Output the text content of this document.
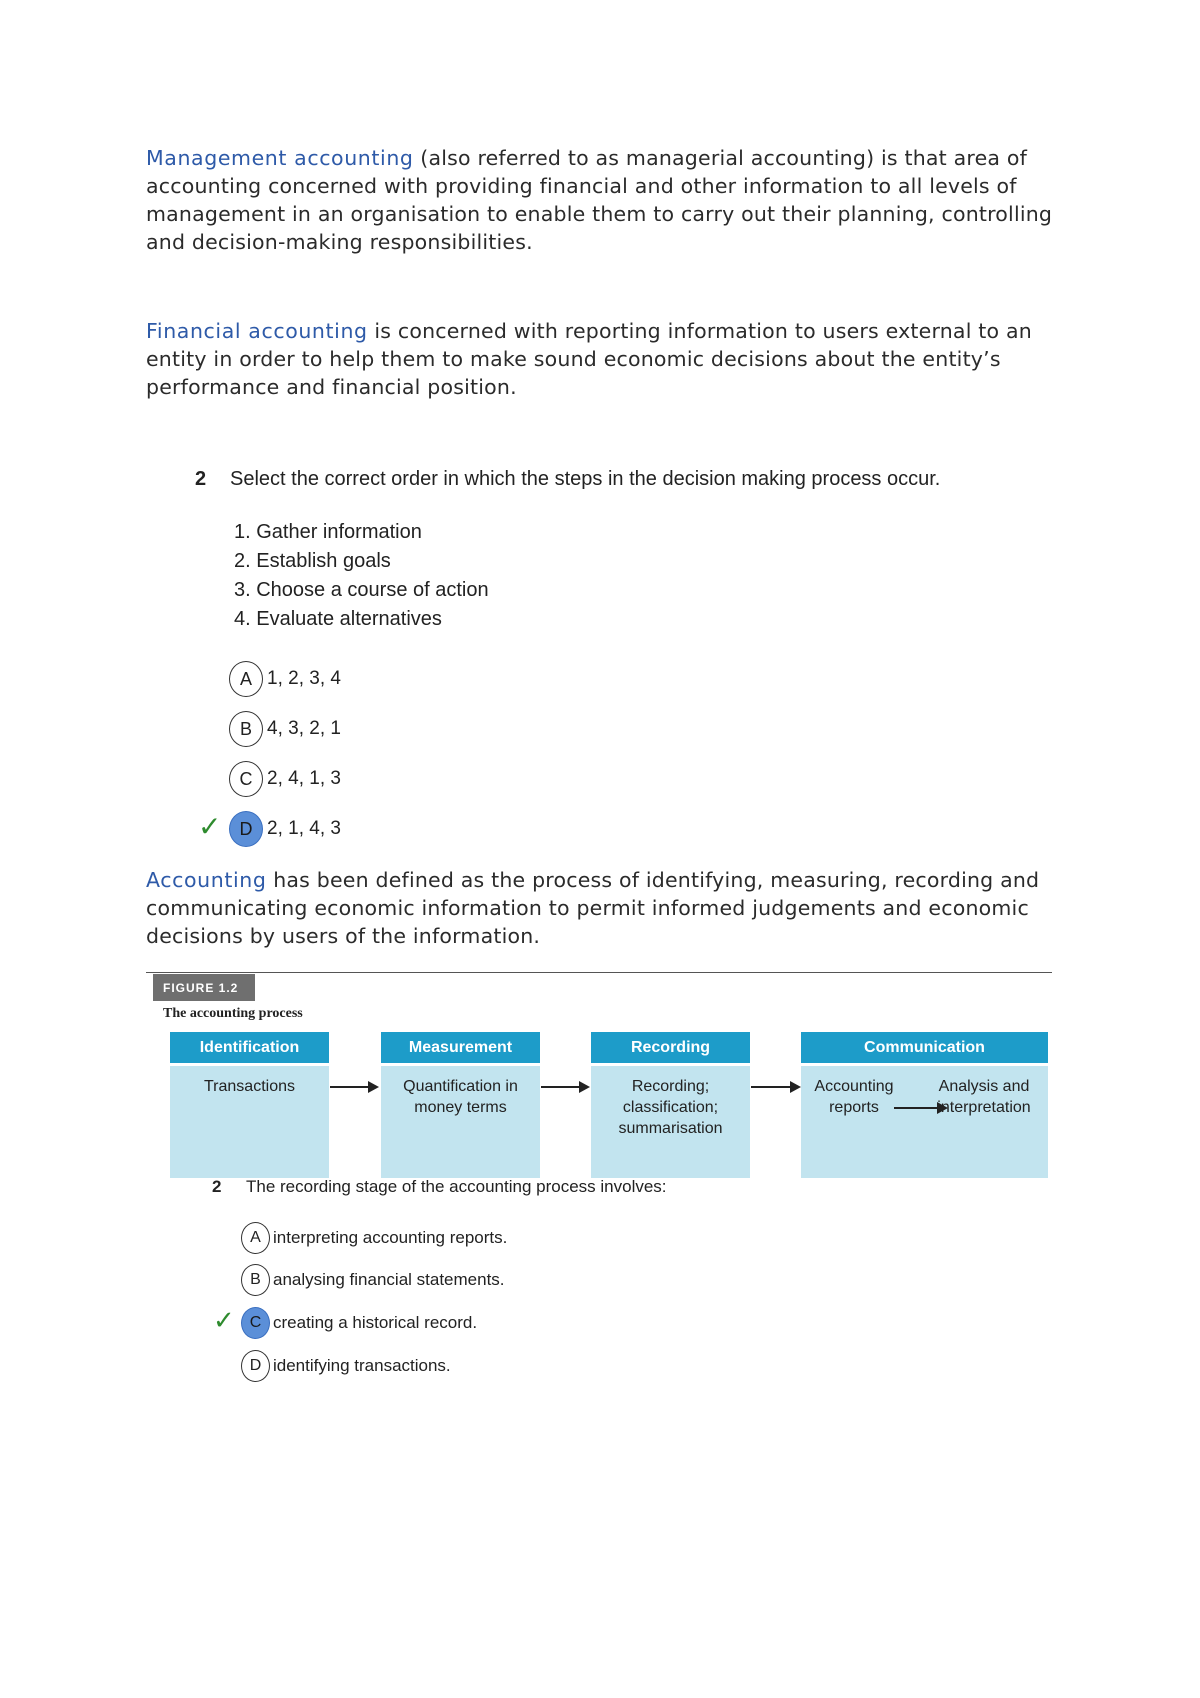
Management accounting (also referred to as managerial accounting) is that area of accounting concerned with providing financial and other information to all levels of management in an organisation to enable them to carry out their planning, controlling and decision-making responsibilities.

Financial accounting is concerned with reporting information to users external to an entity in order to help them to make sound economic decisions about the entity’s performance and financial position.

2 Select the correct order in which the steps in the decision making process occur.
1. Gather information
2. Establish goals
3. Choose a course of action
4. Evaluate alternatives
A 1, 2, 3, 4
B 4, 3, 2, 1
C 2, 4, 1, 3
✓	D 2, 1, 4, 3

Accounting has been defined as the process of identifying, measuring, recording and communicating economic information to permit informed judgements and economic decisions by users of the information.

FIGURE 1.2
The accounting process
Identification
Transactions
Measurement
Quantification in money terms
Recording
Recording; classification; summarisation
Communication
Accounting reports
Analysis and interpretation
2 The recording stage of the accounting process involves:
A interpreting accounting reports.
B analysing financial statements.
✓ C creating a historical record.
D identifying transactions.
